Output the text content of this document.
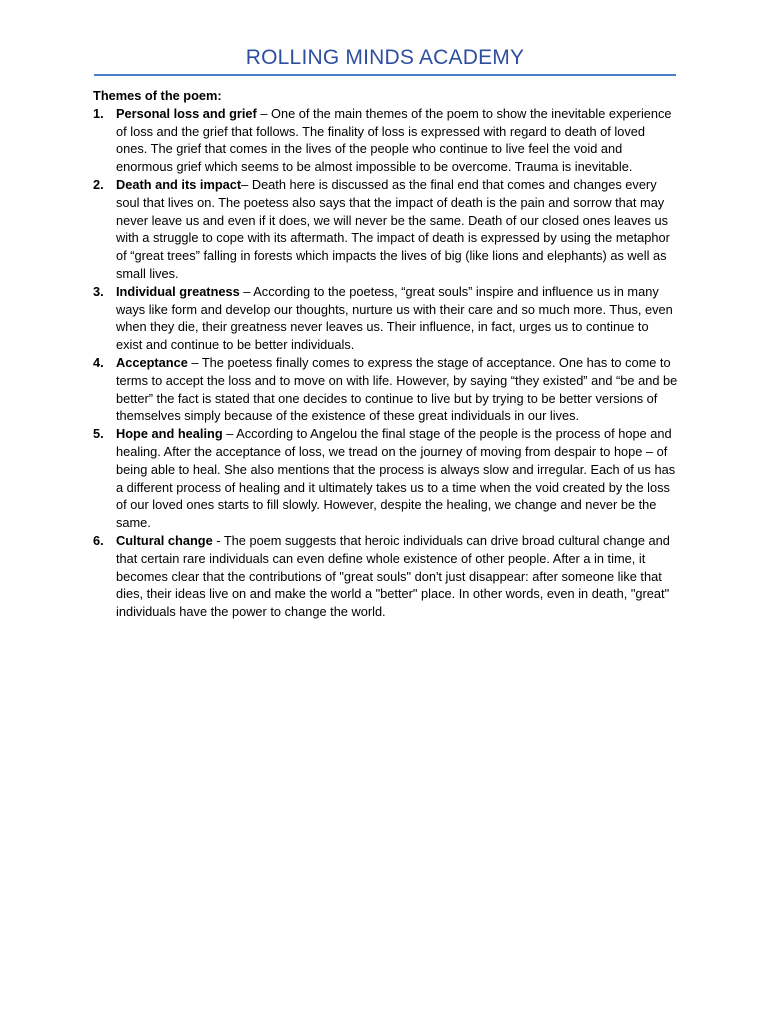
ROLLING MINDS ACADEMY

Themes of the poem:

1. Personal loss and grief – One of the main themes of the poem to show the inevitable experience of loss and the grief that follows. The finality of loss is expressed with regard to death of loved ones. The grief that comes in the lives of the people who continue to live feel the void and enormous grief which seems to be almost impossible to be overcome. Trauma is inevitable.
2. Death and its impact– Death here is discussed as the final end that comes and changes every soul that lives on. The poetess also says that the impact of death is the pain and sorrow that may never leave us and even if it does, we will never be the same. Death of our closed ones leaves us with a struggle to cope with its aftermath. The impact of death is expressed by using the metaphor of “great trees” falling in forests which impacts the lives of big (like lions and elephants) as well as small lives.
3. Individual greatness – According to the poetess, “great souls” inspire and influence us in many ways like form and develop our thoughts, nurture us with their care and so much more. Thus, even when they die, their greatness never leaves us. Their influence, in fact, urges us to continue to exist and continue to be better individuals.
4. Acceptance – The poetess finally comes to express the stage of acceptance. One has to come to terms to accept the loss and to move on with life. However, by saying “they existed” and “be and be better” the fact is stated that one decides to continue to live but by trying to be better versions of themselves simply because of the existence of these great individuals in our lives.
5. Hope and healing – According to Angelou the final stage of the people is the process of hope and healing. After the acceptance of loss, we tread on the journey of moving from despair to hope – of being able to heal. She also mentions that the process is always slow and irregular. Each of us has a different process of healing and it ultimately takes us to a time when the void created by the loss of our loved ones starts to fill slowly. However, despite the healing, we change and never be the same.
6. Cultural change - The poem suggests that heroic individuals can drive broad cultural change and that certain rare individuals can even define whole existence of other people. After a in time, it becomes clear that the contributions of "great souls" don't just disappear: after someone like that dies, their ideas live on and make the world a "better" place. In other words, even in death, "great" individuals have the power to change the world.
